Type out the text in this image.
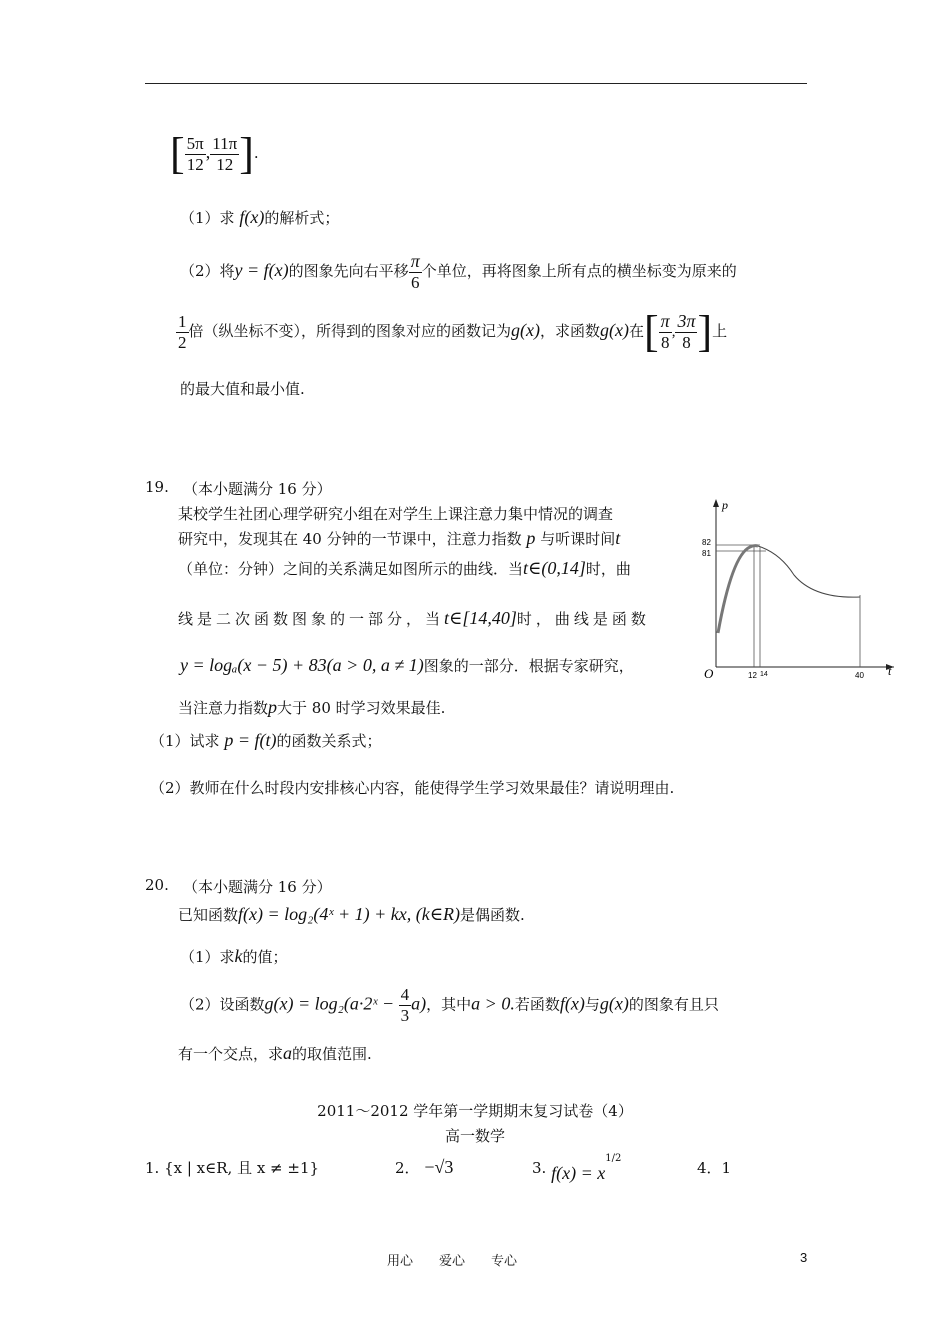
[ $\frac{5\pi}{12}$ , $\frac{11\pi}{12}$ ].
（1）求 f(x)的解析式；
（2）将y = f(x)的图象先向右平移 $\frac{\pi}{6}$ 个单位，再将图象上所有点的横坐标变为原来的
$\frac{1}{2}$ 倍（纵坐标不变），所得到的图象对应的函数记为g(x)，求函数g(x)在[ $\frac{\pi}{8}$ , $\frac{3\pi}{8}$ ]上
的最大值和最小值.
19. （本小题满分 16 分）
某校学生社团心理学研究小组在对学生上课注意力集中情况的调查
研究中，发现其在 40 分钟的一节课中，注意力指数 p 与听课时间t
（单位：分钟）之间的关系满足如图所示的曲线．当t∈(0,14]时，曲
线是二次函数图象的一部分，当t∈[14,40]时，曲线是函数
y = logₐ(x − 5) + 83(a > 0, a ≠ 1)图象的一部分．根据专家研究，
当注意力指数p大于 80 时学习效果最佳.
（1）试求 p = f(t)的函数关系式；
（2）教师在什么时段内安排核心内容，能使得学生学习效果最佳？请说明理由.
p
t
O
82
81
12 14	40
20. （本小题满分 16 分）
已知函数f(x) = log₂(4ˣ + 1) + kx, (k∈R)是偶函数.
（1）求k的值；
（2）设函数g(x) = log₂(a·2ˣ − $\frac{4}{3} a$)，其中a > 0.若函数f(x)与g(x)的图象有且只
有一个交点，求a的取值范围.
2011～2012 学年第一学期期末复习试卷（4）
高一数学
1. {x | x∈R, 且 x ≠ ±1}	2． −√3	3. $f(x) = x^{1/2}$
4．1
用心　　爱心　　专心	3
